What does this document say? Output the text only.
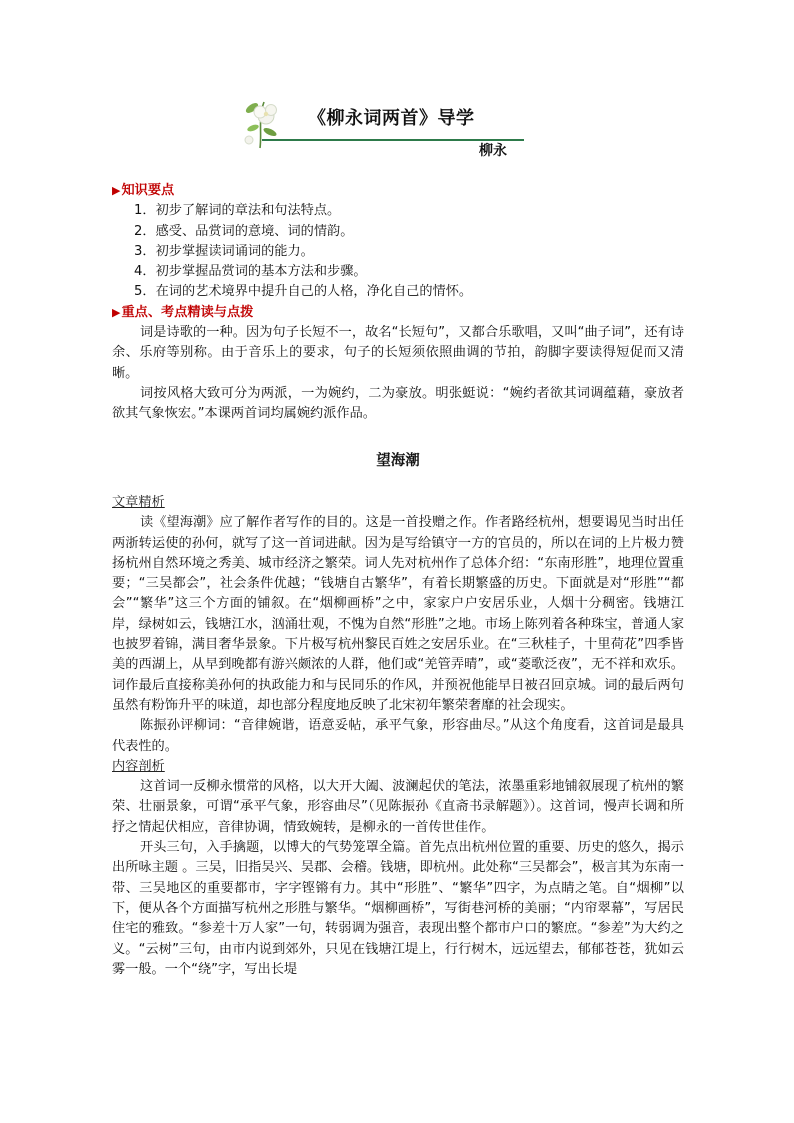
《柳永词两首》导学
柳永
▶知识要点
1．初步了解词的章法和句法特点。
2．感受、品赏词的意境、词的情韵。
3．初步掌握读词诵词的能力。
4．初步掌握品赏词的基本方法和步骤。
5．在词的艺术境界中提升自己的人格，净化自己的情怀。
▶重点、考点精读与点拨

词是诗歌的一种。因为句子长短不一，故名“长短句”，又都合乐歌唱，又叫“曲子词”，还有诗余、乐府等别称。由于音乐上的要求，句子的长短须依照曲调的节拍，韵脚字要读得短促而又清晰。

词按风格大致可分为两派，一为婉约，二为豪放。明张蜓说：“婉约者欲其词调蕴藉，豪放者欲其气象恢宏。”本课两首词均属婉约派作品。

望海潮
文章精析

读《望海潮》应了解作者写作的目的。这是一首投赠之作。作者路经杭州，想要谒见当时出任两浙转运使的孙何，就写了这一首词进献。因为是写给镇守一方的官员的，所以在词的上片极力赞扬杭州自然环境之秀美、城市经济之繁荣。词人先对杭州作了总体介绍：“东南形胜”，地理位置重要；“三吴都会”，社会条件优越；“钱塘自古繁华”，有着长期繁盛的历史。下面就是对“形胜”“都会”“繁华”这三个方面的铺叙。在“烟柳画桥”之中，家家户户安居乐业，人烟十分稠密。钱塘江岸，绿树如云，钱塘江水，汹涌壮观，不愧为自然“形胜”之地。市场上陈列着各种珠宝，普通人家也披罗着锦，满目奢华景象。下片极写杭州黎民百姓之安居乐业。在“三秋桂子，十里荷花”四季皆美的西湖上，从早到晚都有游兴颇浓的人群，他们或“羌管弄晴”，或“菱歌泛夜”，无不祥和欢乐。词作最后直接称美孙何的执政能力和与民同乐的作风，并预祝他能早日被召回京城。词的最后两句虽然有粉饰升平的味道，却也部分程度地反映了北宋初年繁荣奢靡的社会现实。

陈振孙评柳词：“音律婉谐，语意妥帖，承平气象，形容曲尽。”从这个角度看，这首词是最具代表性的。

内容剖析

这首词一反柳永惯常的风格，以大开大阖、波澜起伏的笔法，浓墨重彩地铺叙展现了杭州的繁荣、壮丽景象，可谓“承平气象，形容曲尽”（见陈振孙《直斋书录解题》）。这首词，慢声长调和所抒之情起伏相应，音律协调，情致婉转，是柳永的一首传世佳作。

开头三句，入手擒题，以博大的气势笼罩全篇。首先点出杭州位置的重要、历史的悠久，揭示出所咏主题 。三吴，旧指吴兴、吴郡、会稽。钱塘，即杭州。此处称“三吴都会”，极言其为东南一带、三吴地区的重要都市，字字铿锵有力。其中“形胜”、“繁华”四字，为点睛之笔。自“烟柳”以下，便从各个方面描写杭州之形胜与繁华。“烟柳画桥”，写街巷河桥的美丽；“内帘翠幕”，写居民住宅的雅致。“参差十万人家”一句，转弱调为强音，表现出整个都市户口的繁庶。“参差”为大约之义。“云树”三句，由市内说到郊外，只见在钱塘江堤上，行行树木，远远望去，郁郁苍苍，犹如云雾一般。一个“绕”字，写出长堤
